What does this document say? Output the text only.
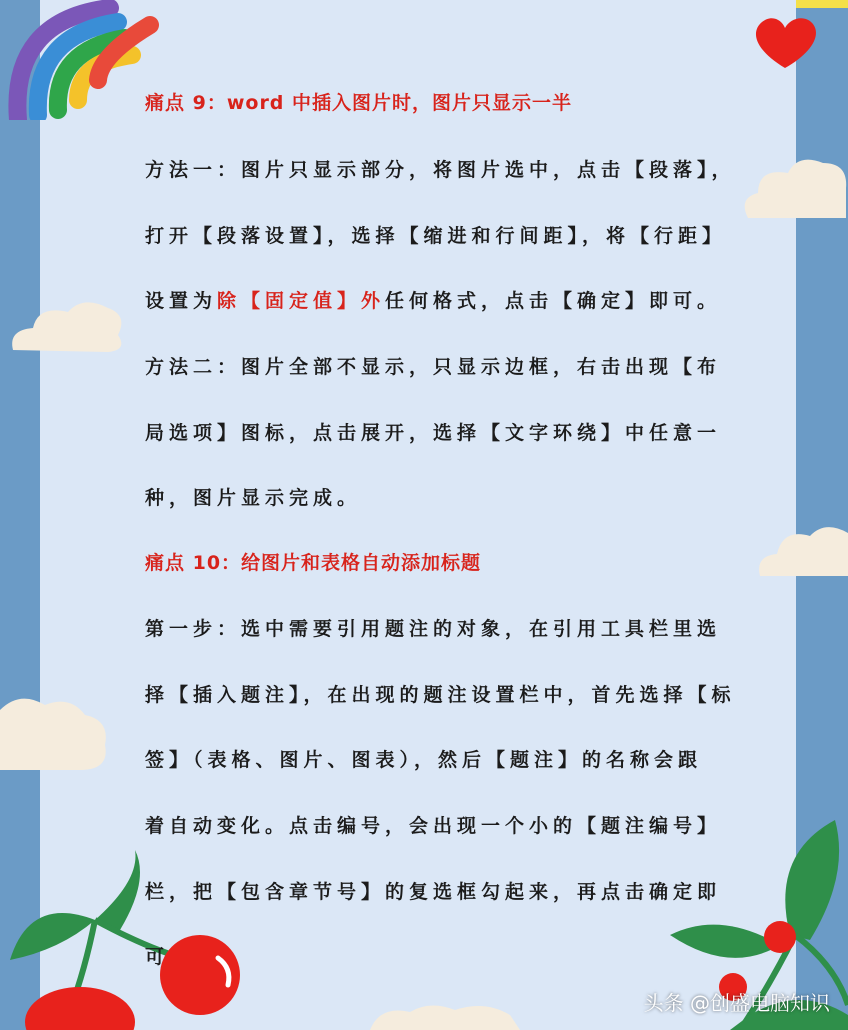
痛点 9：word 中插入图片时，图片只显示一半
方法一：图片只显示部分，将图片选中，点击【段落】，
打开【段落设置】，选择【缩进和行间距】，将【行距】
设置为除【固定值】外任何格式，点击【确定】即可。
方法二：图片全部不显示，只显示边框，右击出现【布
局选项】图标，点击展开，选择【文字环绕】中任意一
种，图片显示完成。
痛点 10：给图片和表格自动添加标题
第一步：选中需要引用题注的对象，在引用工具栏里选
择【插入题注】，在出现的题注设置栏中，首先选择【标
签】（表格、图片、图表），然后【题注】的名称会跟
着自动变化。点击编号，会出现一个小的【题注编号】
栏，把【包含章节号】的复选框勾起来，再点击确定即
可
头条 @创盛电脑知识
